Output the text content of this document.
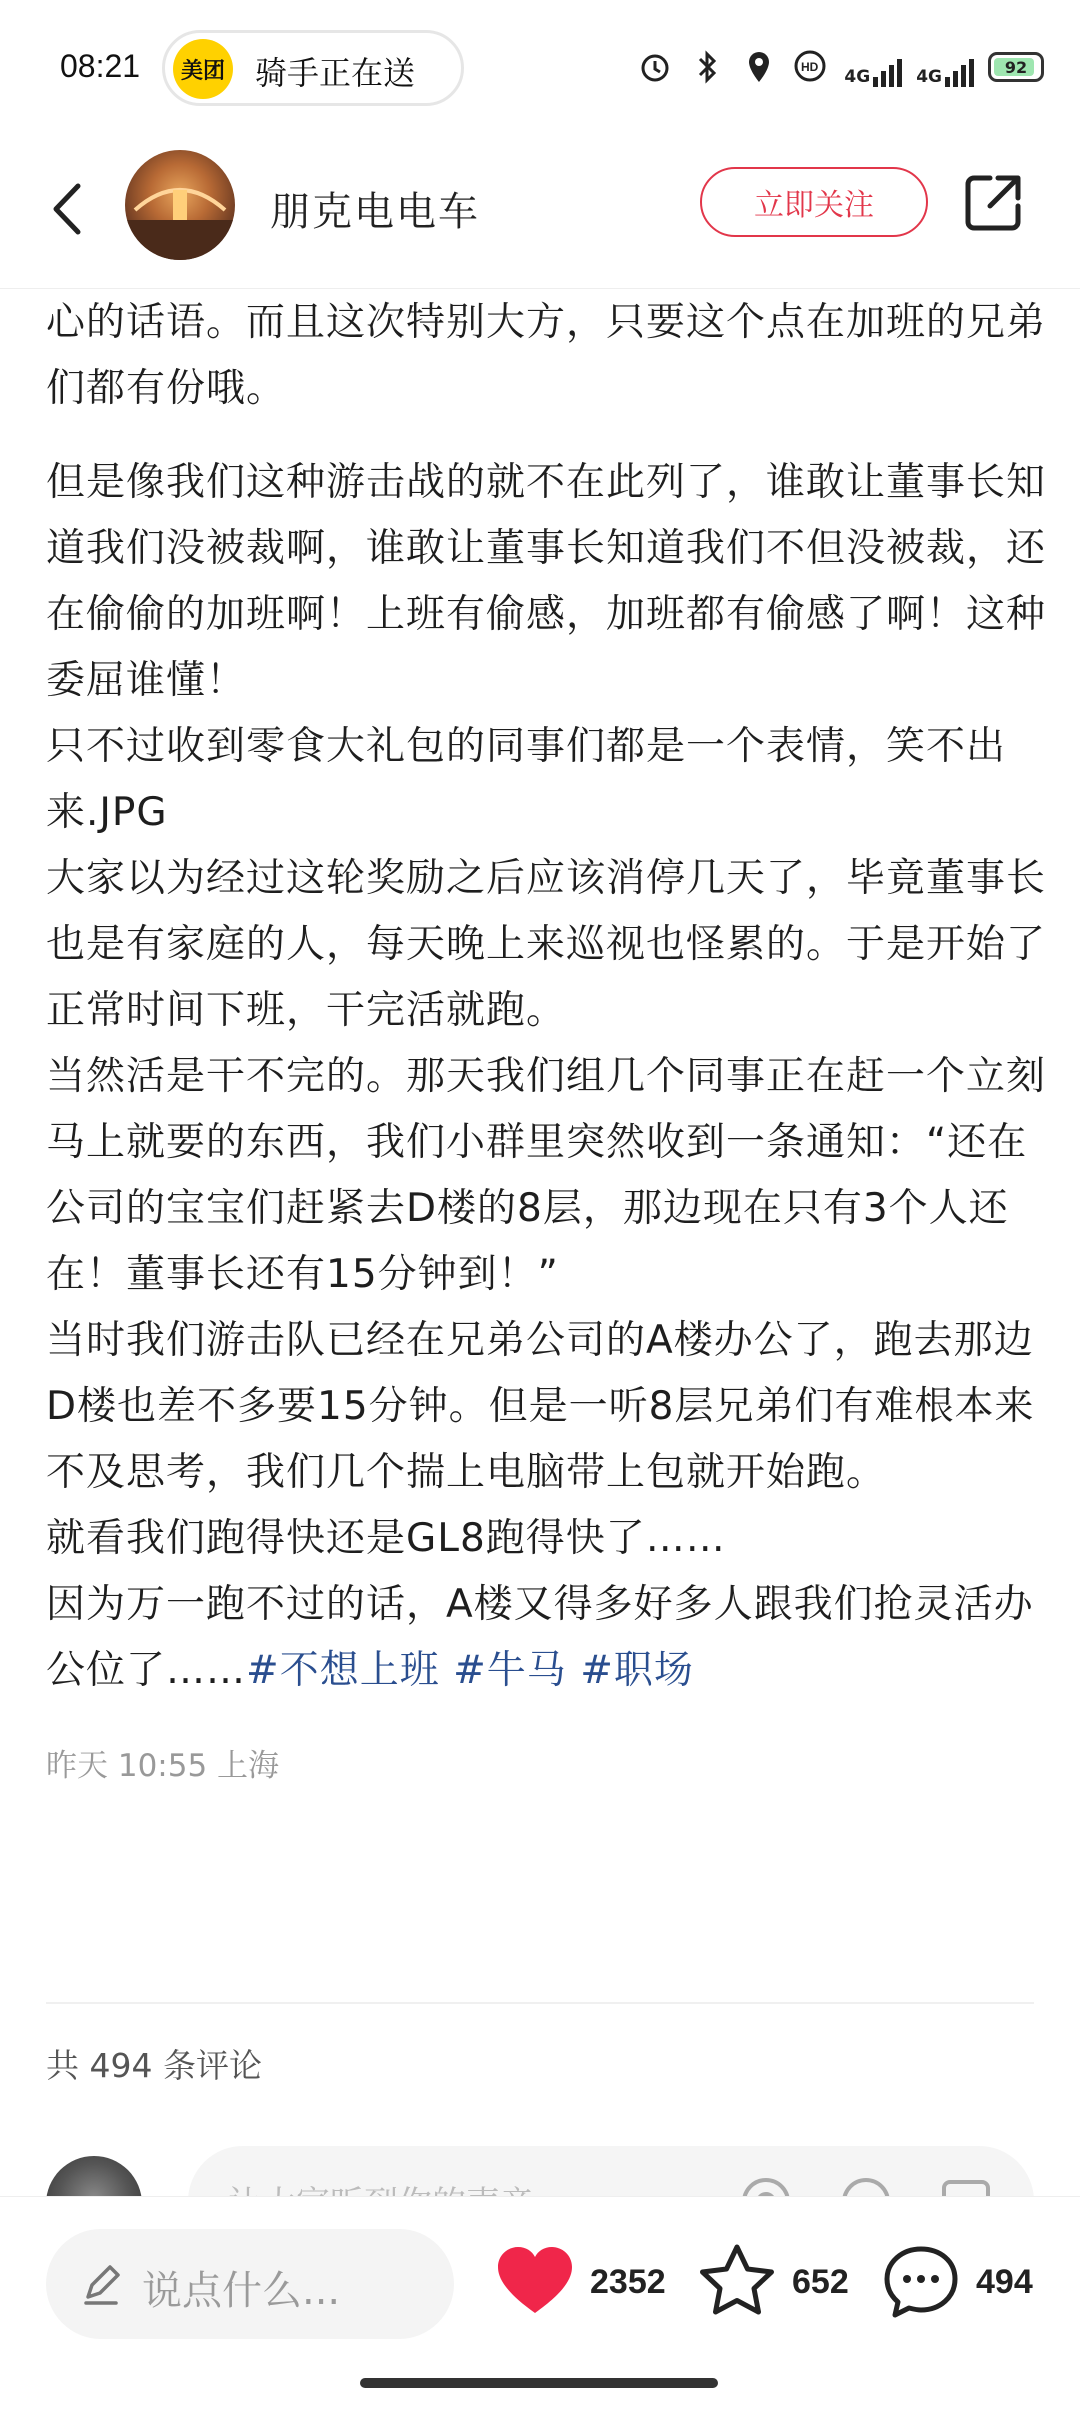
08:21	美团 骑手正在送	HD 4G	4G	92
朋克电电车	立即关注

心的话语。而且这次特别大方，只要这个点在加班的兄弟们都有份哦。

但是像我们这种游击战的就不在此列了，谁敢让董事长知道我们没被裁啊，谁敢让董事长知道我们不但没被裁，还在偷偷的加班啊！上班有偷感，加班都有偷感了啊！这种委屈谁懂！

只不过收到零食大礼包的同事们都是一个表情，笑不出来.JPG

大家以为经过这轮奖励之后应该消停几天了，毕竟董事长也是有家庭的人，每天晚上来巡视也怪累的。于是开始了正常时间下班，干完活就跑。

当然活是干不完的。那天我们组几个同事正在赶一个立刻马上就要的东西，我们小群里突然收到一条通知：“还在公司的宝宝们赶紧去D楼的8层，那边现在只有3个人还在！董事长还有15分钟到！”

当时我们游击队已经在兄弟公司的A楼办公了，跑去那边D楼也差不多要15分钟。但是一听8层兄弟们有难根本来不及思考，我们几个揣上电脑带上包就开始跑。

就看我们跑得快还是GL8跑得快了……

因为万一跑不过的话，A楼又得多好多人跟我们抢灵活办公位了……#不想上班 #牛马 #职场

昨天 10:55 上海
共 494 条评论
说点什么...	2352	652	494
